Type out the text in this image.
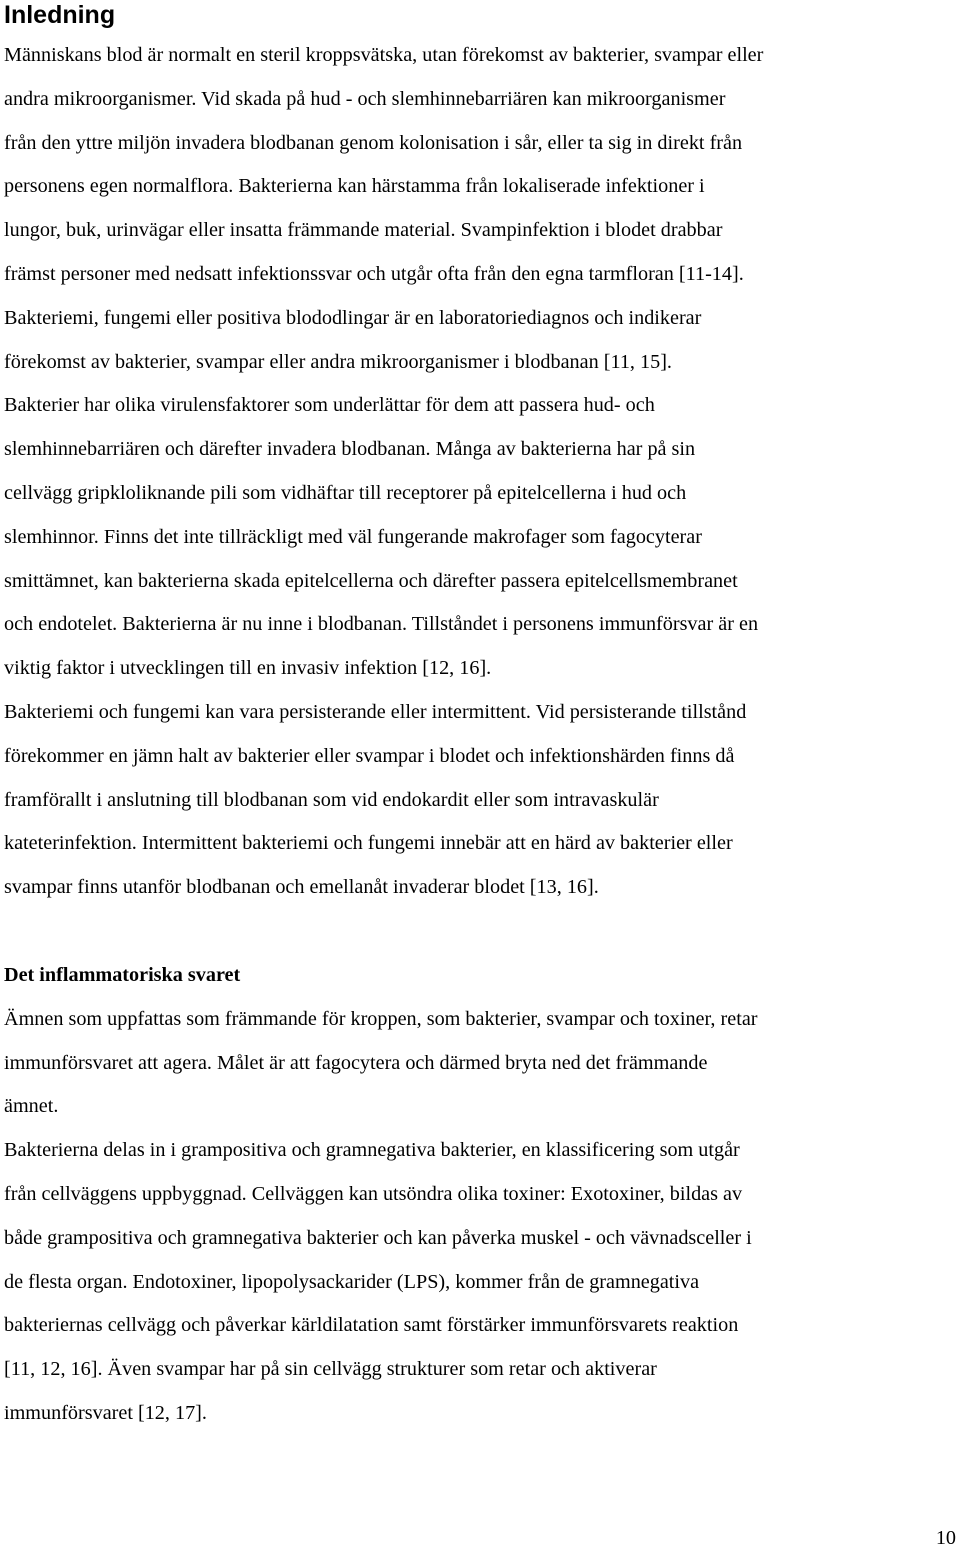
Inledning
Människans blod är normalt en steril kroppsvätska, utan förekomst av bakterier, svampar eller
andra mikroorganismer. Vid skada på hud - och slemhinnebarriären kan mikroorganismer
från den yttre miljön invadera blodbanan genom kolonisation i sår, eller ta sig in direkt från
personens egen normalflora. Bakterierna kan härstamma från lokaliserade infektioner i
lungor, buk, urinvägar eller insatta främmande material. Svampinfektion i blodet drabbar
främst personer med nedsatt infektionssvar och utgår ofta från den egna tarmfloran [11-14].
Bakteriemi, fungemi eller positiva blododlingar är en laboratoriediagnos och indikerar
förekomst av bakterier, svampar eller andra mikroorganismer i blodbanan [11, 15].
Bakterier har olika virulensfaktorer som underlättar för dem att passera hud- och
slemhinnebarriären och därefter invadera blodbanan. Många av bakterierna har på sin
cellvägg gripkloliknande pili som vidhäftar till receptorer på epitelcellerna i hud och
slemhinnor. Finns det inte tillräckligt med väl fungerande makrofager som fagocyterar
smittämnet, kan bakterierna skada epitelcellerna och därefter passera epitelcellsmembranet
och endotelet. Bakterierna är nu inne i blodbanan. Tillståndet i personens immunförsvar är en
viktig faktor i utvecklingen till en invasiv infektion [12, 16].
Bakteriemi och fungemi kan vara persisterande eller intermittent. Vid persisterande tillstånd
förekommer en jämn halt av bakterier eller svampar i blodet och infektionshärden finns då
framförallt i anslutning till blodbanan som vid endokardit eller som intravaskulär
kateterinfektion. Intermittent bakteriemi och fungemi innebär att en härd av bakterier eller
svampar finns utanför blodbanan och emellanåt invaderar blodet [13, 16].
Det inflammatoriska svaret
Ämnen som uppfattas som främmande för kroppen, som bakterier, svampar och toxiner, retar
immunförsvaret att agera. Målet är att fagocytera och därmed bryta ned det främmande
ämnet.
Bakterierna delas in i grampositiva och gramnegativa bakterier, en klassificering som utgår
från cellväggens uppbyggnad. Cellväggen kan utsöndra olika toxiner: Exotoxiner, bildas av
både grampositiva och gramnegativa bakterier och kan påverka muskel - och vävnadsceller i
de flesta organ. Endotoxiner, lipopolysackarider (LPS), kommer från de gramnegativa
bakteriernas cellvägg och påverkar kärldilatation samt förstärker immunförsvarets reaktion
[11, 12, 16]. Även svampar har på sin cellvägg strukturer som retar och aktiverar
immunförsvaret [12, 17].
10
